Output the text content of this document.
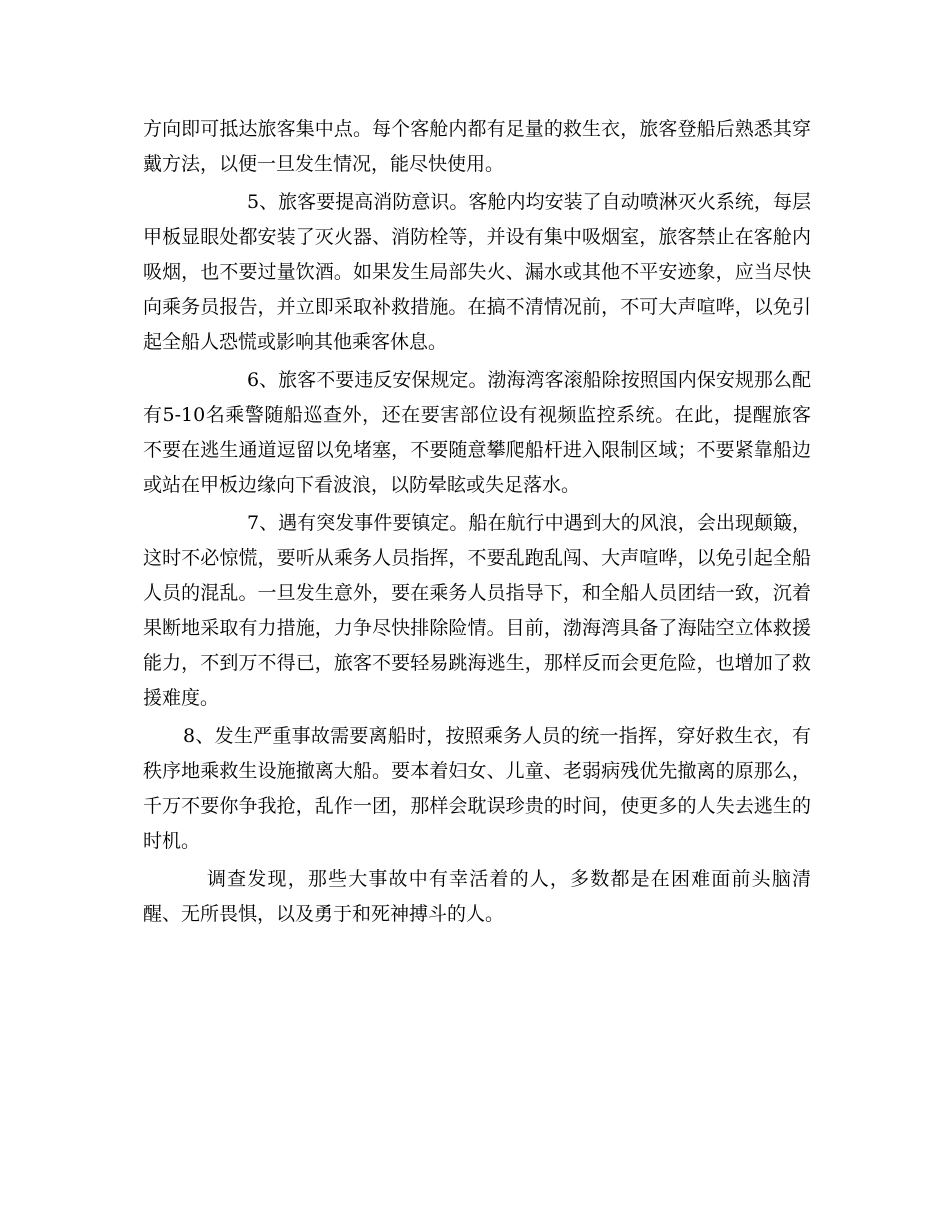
方向即可抵达旅客集中点。每个客舱内都有足量的救生衣，旅客登船后熟悉其穿戴方法，以便一旦发生情况，能尽快使用。

5、旅客要提高消防意识。客舱内均安装了自动喷淋灭火系统，每层甲板显眼处都安装了灭火器、消防栓等，并设有集中吸烟室，旅客禁止在客舱内吸烟，也不要过量饮酒。如果发生局部失火、漏水或其他不平安迹象，应当尽快向乘务员报告，并立即采取补救措施。在搞不清情况前，不可大声喧哗，以免引起全船人恐慌或影响其他乘客休息。

6、旅客不要违反安保规定。渤海湾客滚船除按照国内保安规那么配有5-10名乘警随船巡查外，还在要害部位设有视频监控系统。在此，提醒旅客不要在逃生通道逗留以免堵塞，不要随意攀爬船杆进入限制区域；不要紧靠船边或站在甲板边缘向下看波浪，以防晕眩或失足落水。

7、遇有突发事件要镇定。船在航行中遇到大的风浪，会出现颠簸，这时不必惊慌，要听从乘务人员指挥，不要乱跑乱闯、大声喧哗，以免引起全船人员的混乱。一旦发生意外，要在乘务人员指导下，和全船人员团结一致，沉着果断地采取有力措施，力争尽快排除险情。目前，渤海湾具备了海陆空立体救援能力，不到万不得已，旅客不要轻易跳海逃生，那样反而会更危险，也增加了救援难度。

8、发生严重事故需要离船时，按照乘务人员的统一指挥，穿好救生衣，有秩序地乘救生设施撤离大船。要本着妇女、儿童、老弱病残优先撤离的原那么，千万不要你争我抢，乱作一团，那样会耽误珍贵的时间，使更多的人失去逃生的时机。

调查发现，那些大事故中有幸活着的人，多数都是在困难面前头脑清醒、无所畏惧，以及勇于和死神搏斗的人。
